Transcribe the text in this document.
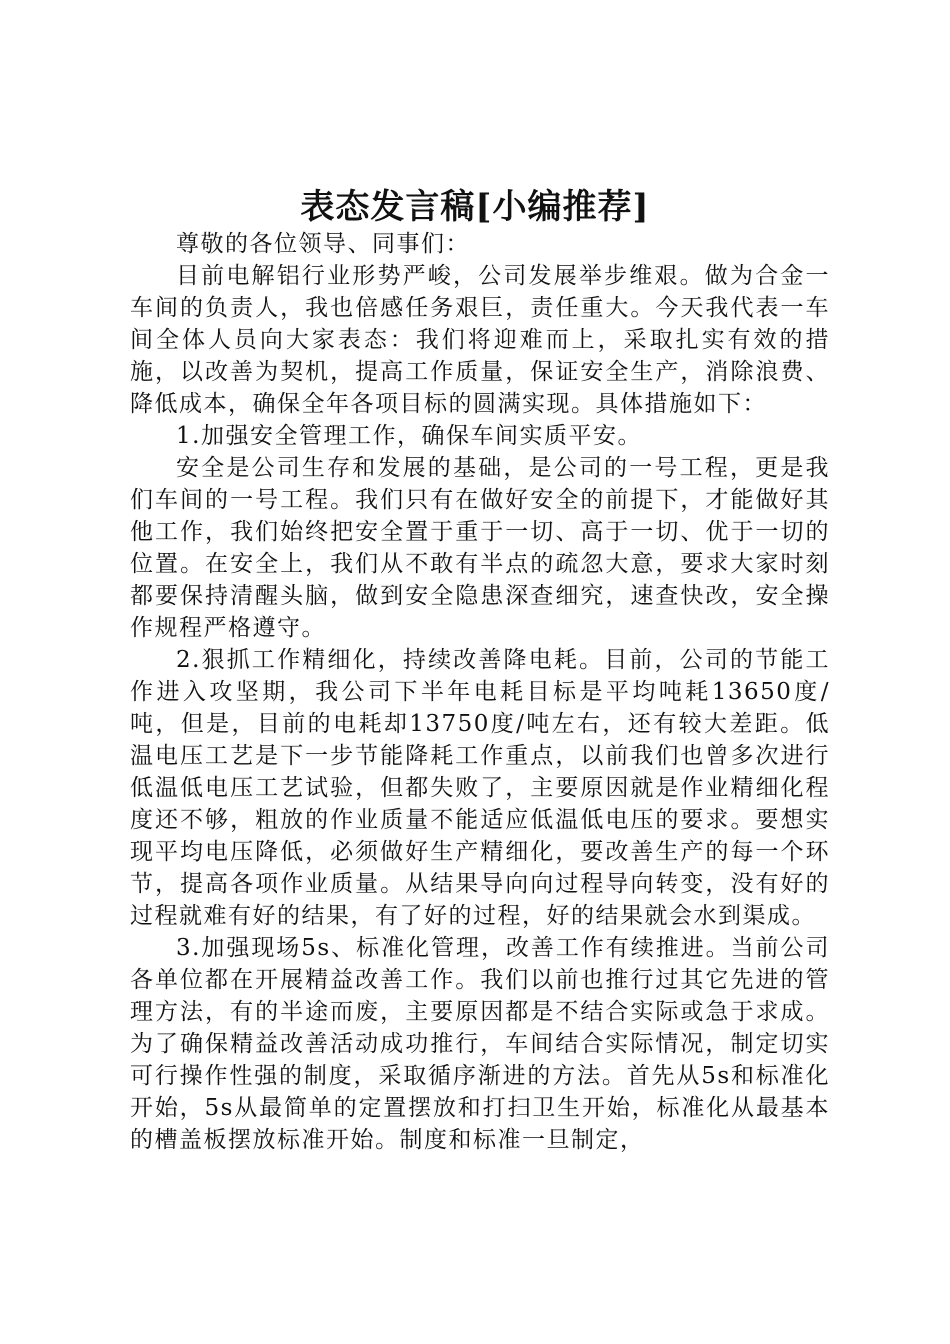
表态发言稿[小编推荐]

尊敬的各位领导、同事们：

目前电解铝行业形势严峻，公司发展举步维艰。做为合金一车间的负责人，我也倍感任务艰巨，责任重大。今天我代表一车间全体人员向大家表态：我们将迎难而上，采取扎实有效的措施，以改善为契机，提高工作质量，保证安全生产，消除浪费、降低成本，确保全年各项目标的圆满实现。具体措施如下：

1.加强安全管理工作，确保车间实质平安。

安全是公司生存和发展的基础，是公司的一号工程，更是我们车间的一号工程。我们只有在做好安全的前提下，才能做好其他工作，我们始终把安全置于重于一切、高于一切、优于一切的位置。在安全上，我们从不敢有半点的疏忽大意，要求大家时刻都要保持清醒头脑，做到安全隐患深查细究，速查快改，安全操作规程严格遵守。

2.狠抓工作精细化，持续改善降电耗。目前，公司的节能工作进入攻坚期，我公司下半年电耗目标是平均吨耗13650度/吨，但是，目前的电耗却13750度/吨左右，还有较大差距。低温电压工艺是下一步节能降耗工作重点，以前我们也曾多次进行低温低电压工艺试验，但都失败了，主要原因就是作业精细化程度还不够，粗放的作业质量不能适应低温低电压的要求。要想实现平均电压降低，必须做好生产精细化，要改善生产的每一个环节，提高各项作业质量。从结果导向向过程导向转变，没有好的过程就难有好的结果，有了好的过程，好的结果就会水到渠成。

3.加强现场5s、标准化管理，改善工作有续推进。当前公司各单位都在开展精益改善工作。我们以前也推行过其它先进的管理方法，有的半途而废，主要原因都是不结合实际或急于求成。为了确保精益改善活动成功推行，车间结合实际情况，制定切实可行操作性强的制度，采取循序渐进的方法。首先从5s和标准化开始，5s从最简单的定置摆放和打扫卫生开始，标准化从最基本的槽盖板摆放标准开始。制度和标准一旦制定，
